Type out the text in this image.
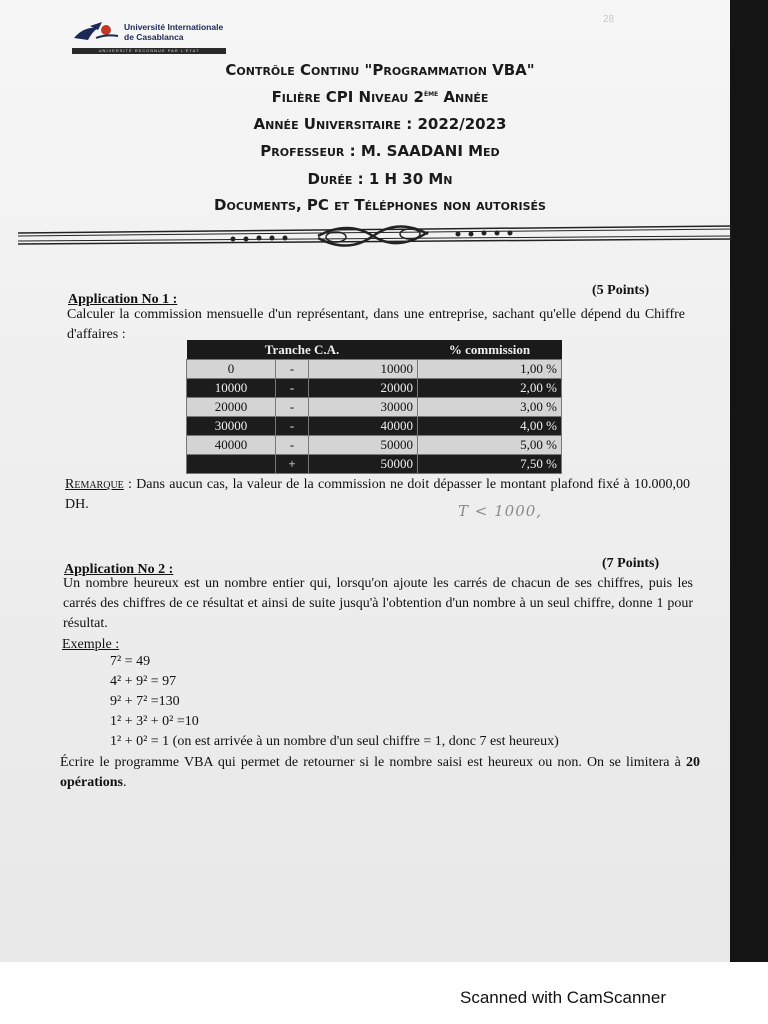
28
Université Internationale
de Casablanca
UNIVERSITÉ RECONNUE PAR L'ÉTAT
Contrôle Continu "Programmation VBA"
Filière CPI Niveau 2ème Année
Année Universitaire : 2022/2023
Professeur : M. SAADANI Med
Durée : 1 H 30 Mn
Documents, PC et Téléphones non autorisés
Application No 1 :
(5 Points)
Calculer la commission mensuelle d'un représentant, dans une entreprise, sachant qu'elle dépend du Chiffre d'affaires :
Tranche C.A.			% commission
0	-	10000	1,00 %
10000	-	20000	2,00 %
20000	-	30000	3,00 %
30000	-	40000	4,00 %
40000	-	50000	5,00 %
	+	50000	7,50 %
Remarque : Dans aucun cas, la valeur de la commission ne doit dépasser le montant plafond fixé à 10.000,00 DH.	T < 1000,
Application No 2 :	(7 Points)
Un nombre heureux est un nombre entier qui, lorsqu'on ajoute les carrés de chacun de ses chiffres, puis les carrés des chiffres de ce résultat et ainsi de suite jusqu'à l'obtention d'un nombre à un seul chiffre, donne 1 pour résultat.
Exemple :
7² = 49
4² + 9² = 97
9² + 7² =130
1² + 3² + 0² =10
1² + 0² = 1 (on est arrivée à un nombre d'un seul chiffre = 1, donc 7 est heureux)
Écrire le programme VBA qui permet de retourner si le nombre saisi est heureux ou non. On se limitera à 20 opérations.
Scanned with CamScanner
